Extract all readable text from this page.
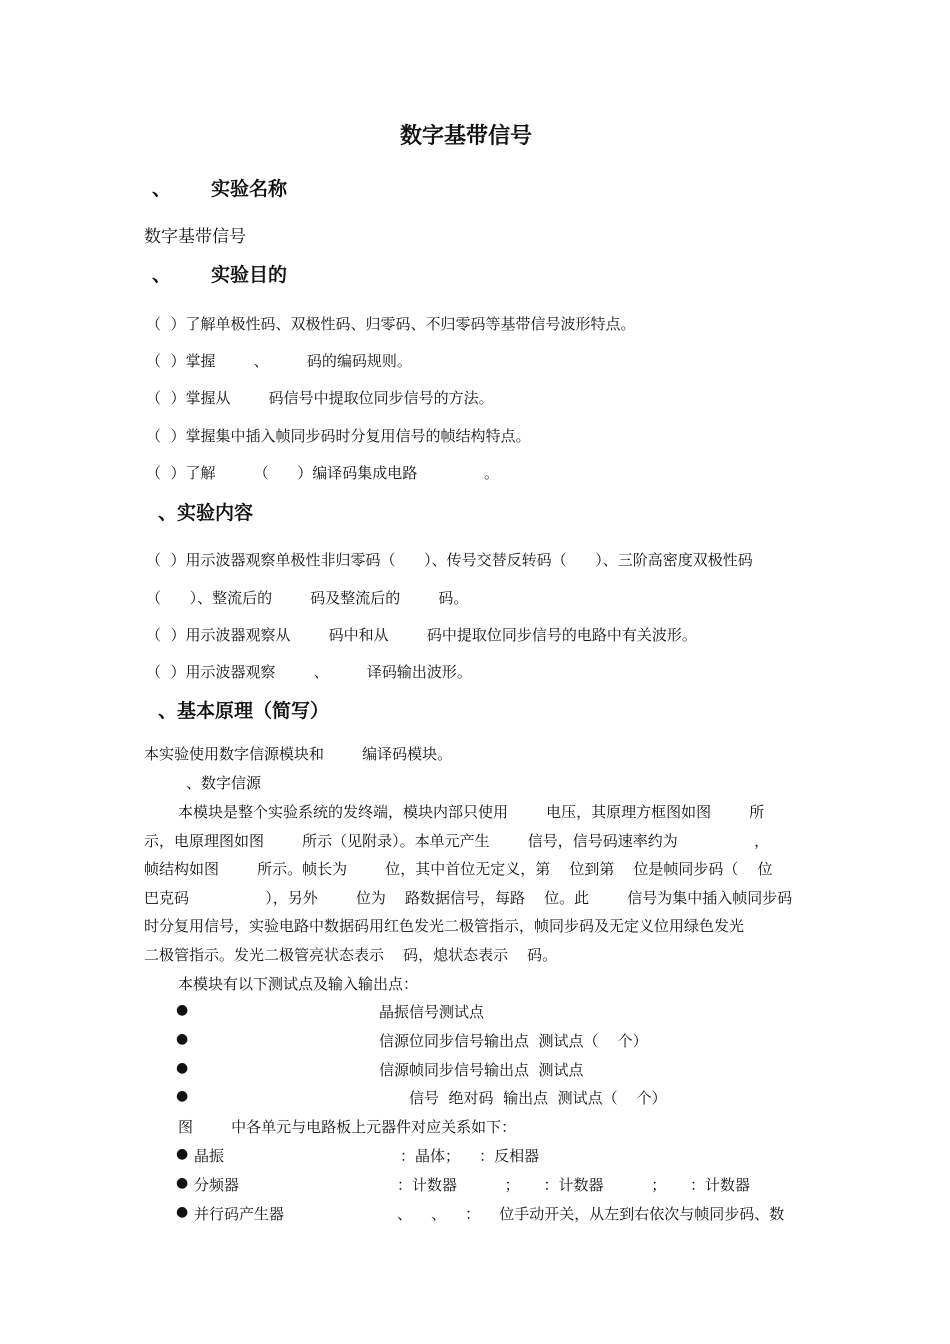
数字基带信号
、 实验名称
数字基带信号
、 实验目的
（  ）了解单极性码、双极性码、归零码、不归零码等基带信号波形特点。
（  ）掌握        、        码的编码规则。
（  ）掌握从        码信号中提取位同步信号的方法。
（  ）掌握集中插入帧同步码时分复用信号的帧结构特点。
（  ）了解        （      ）编译码集成电路              。
、实验内容
（  ）用示波器观察单极性非归零码（      ）、传号交替反转码（      ）、三阶高密度双极性码
（      ）、整流后的        码及整流后的        码。
（  ）用示波器观察从        码中和从        码中提取位同步信号的电路中有关波形。
（  ）用示波器观察        、        译码输出波形。
、基本原理（简写）
本实验使用数字信源模块和        编译码模块。
、数字信源
本模块是整个实验系统的发终端，模块内部只使用        电压，其原理方框图如图        所
示，电原理图如图        所示（见附录）。本单元产生        信号，信号码速率约为                ，
帧结构如图        所示。帧长为        位，其中首位无定义，第    位到第    位是帧同步码（    位
巴克码                ），另外        位为    路数据信号，每路    位。此        信号为集中插入帧同步码
时分复用信号，实验电路中数据码用红色发光二极管指示，帧同步码及无定义位用绿色发光
二极管指示。发光二极管亮状态表示    码，熄状态表示    码。
本模块有以下测试点及输入输出点：
●	晶振信号测试点
●	信源位同步信号输出点  测试点（    个）
●	信源帧同步信号输出点  测试点
●	信号  绝对码  输出点  测试点（    个）
图        中各单元与电路板上元器件对应关系如下：
● 晶振	：晶体；    ：反相器
● 分频器	：计数器          ；     ：计数器          ；     ：计数器
● 并行码产生器	、    、    ：    位手动开关，从左到右依次与帧同步码、数
